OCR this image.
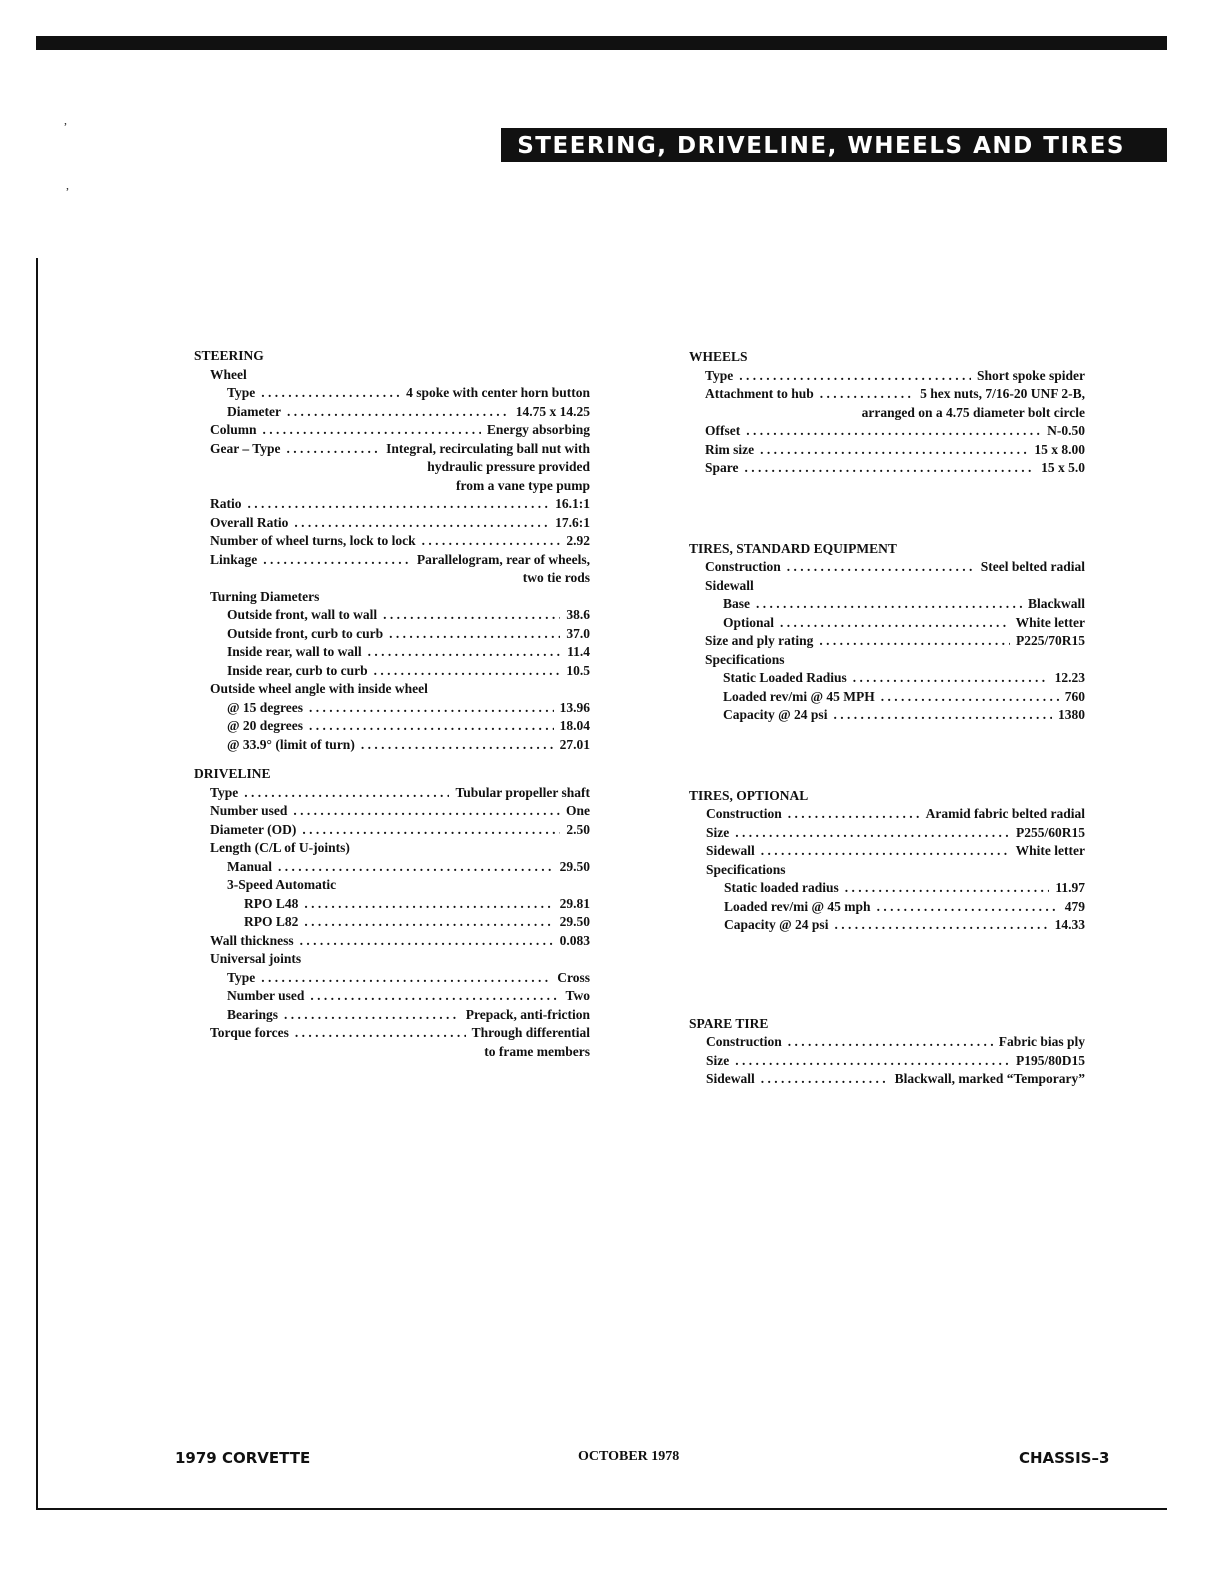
,
,
STEERING, DRIVELINE, WHEELS AND TIRES
STEERING
Wheel
Type . . .	4 spoke with center horn button
Diameter . . .	14.75 x 14.25
Column . . .	Energy absorbing
Gear – Type . . .	Integral, recirculating ball nut with
hydraulic pressure provided
from a vane type pump
Ratio . . .	16.1:1
Overall Ratio . . .	17.6:1
Number of wheel turns, lock to lock . . .	2.92
Linkage . . .	Parallelogram, rear of wheels,
two tie rods
Turning Diameters
Outside front, wall to wall . . .	38.6
Outside front, curb to curb . . .	37.0
Inside rear, wall to wall . . .	11.4
Inside rear, curb to curb . . .	10.5
Outside wheel angle with inside wheel
@ 15 degrees . . .	13.96
@ 20 degrees . . .	18.04
@ 33.9° (limit of turn) . . .	27.01
DRIVELINE
Type . . .	Tubular propeller shaft
Number used . . .	One
Diameter (OD) . . .	2.50
Length (C/L of U-joints)
Manual . . .	29.50
3-Speed Automatic
RPO L48 . . .	29.81
RPO L82 . . .	29.50
Wall thickness . . .	0.083
Universal joints
Type . . .	Cross
Number used . . .	Two
Bearings . . .	Prepack, anti-friction
Torque forces . . .	Through differential
to frame members
WHEELS
Type . . .	Short spoke spider
Attachment to hub . . .	5 hex nuts, 7/16-20 UNF 2-B,
arranged on a 4.75 diameter bolt circle
Offset . . .	N-0.50
Rim size . . .	15 x 8.00
Spare . . .	15 x 5.0
TIRES, STANDARD EQUIPMENT
Construction . . .	Steel belted radial
Sidewall
Base . . .	Blackwall
Optional . . .	White letter
Size and ply rating . . .	P225/70R15
Specifications
Static Loaded Radius . . .	12.23
Loaded rev/mi @ 45 MPH . . .	760
Capacity @ 24 psi . . .	1380
TIRES, OPTIONAL
Construction . . .	Aramid fabric belted radial
Size . . .	P255/60R15
Sidewall . . .	White letter
Specifications
Static loaded radius . . .	11.97
Loaded rev/mi @ 45 mph . . .	479
Capacity @ 24 psi . . .	14.33
SPARE TIRE
Construction . . .	Fabric bias ply
Size . . .	P195/80D15
Sidewall . . .	Blackwall, marked “Temporary”
1979 CORVETTE	OCTOBER 1978	CHASSIS–3
